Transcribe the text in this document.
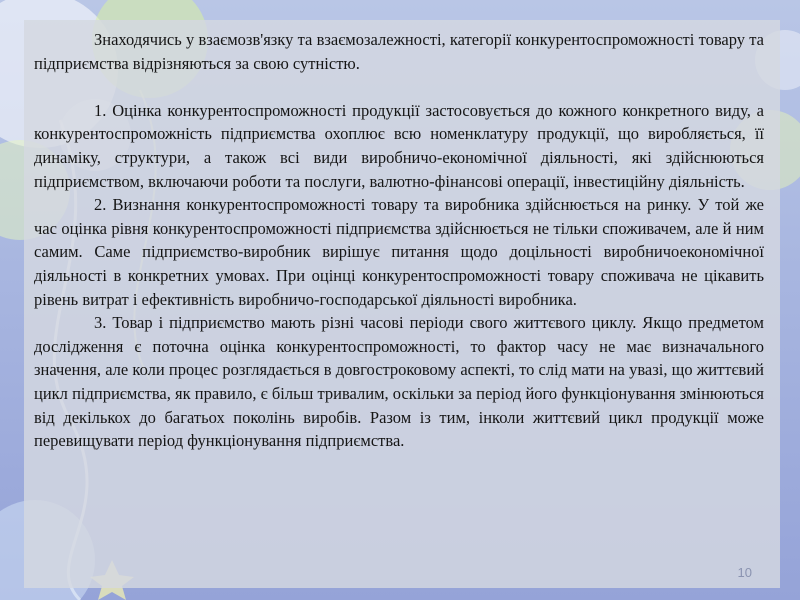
Знаходячись у взаємозв'язку та взаємозалежності, категорії конкурентоспроможності товару та підприємства відрізняються за свою сутністю.

1. Оцінка конкурентоспроможності продукції застосовується до кожного конкретного виду, а конкурентоспроможність підприємства охоплює всю номенклатуру продукції, що виробляється, її динаміку, структури, а також всі види виробничо-економічної діяльності, які здійснюються підприємством, включаючи роботи та послуги, валютно-фінансові операції, інвестиційну діяльність.

2. Визнання конкурентоспроможності товару та виробника здійснюється на ринку. У той же час оцінка рівня конкурентоспроможності підприємства здійснюється не тільки споживачем, але й ним самим. Саме підприємство-виробник вирішує питання щодо доцільності виробничоекономічної діяльності в конкретних умовах. При оцінці конкурентоспроможності товару споживача не цікавить рівень витрат і ефективність виробничо-господарської діяльності виробника.

3. Товар і підприємство мають різні часові періоди свого життєвого циклу. Якщо предметом дослідження є поточна оцінка конкурентоспроможності, то фактор часу не має визначального значення, але коли процес розглядається в довгостроковому аспекті, то слід мати на увазі, що життєвий цикл підприємства, як правило, є більш тривалим, оскільки за період його функціонування змінюються від декількох до багатьох поколінь виробів. Разом із тим, інколи життєвий цикл продукції може перевищувати період функціонування підприємства.

10
